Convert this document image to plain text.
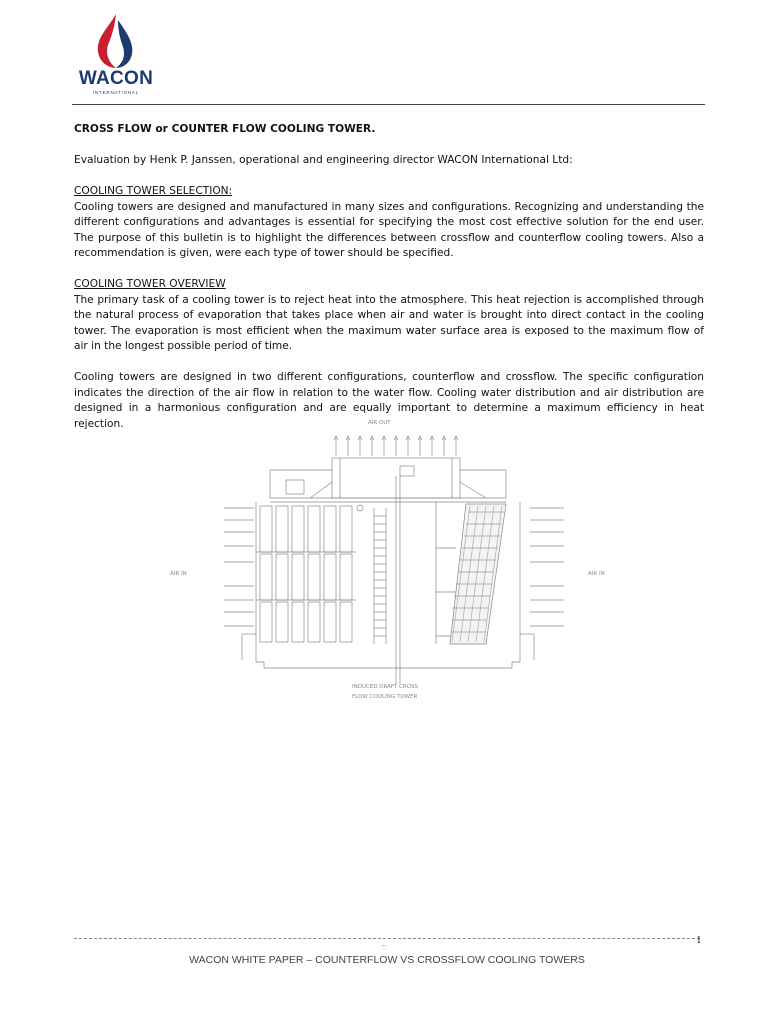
WACON
INTERNATIONAL

CROSS FLOW or COUNTER FLOW COOLING TOWER.

Evaluation by Henk P. Janssen, operational and engineering director WACON International Ltd:

COOLING TOWER SELECTION:

Cooling towers are designed and manufactured in many sizes and configurations. Recognizing and understanding the different configurations and advantages is essential for specifying the most cost effective solution for the end user. The purpose of this bulletin is to highlight the differences between crossflow and counterflow cooling towers. Also a recommendation is given, were each type of tower should be specified.

COOLING TOWER OVERVIEW

The primary task of a cooling tower is to reject heat into the atmosphere. This heat rejection is accomplished through the natural process of evaporation that takes place when air and water is brought into direct contact in the cooling tower. The evaporation is most efficient when the maximum water surface area is exposed to the maximum flow of air in the longest possible period of time.

Cooling towers are designed in two different configurations, counterflow and crossflow. The specific configuration indicates the direction of the air flow in relation to the water flow. Cooling water distribution and air distribution are designed in a harmonious configuration and are equally important to determine a maximum efficiency in heat rejection.	AIR OUT
AIR IN	AIR IN
INDUCED DRAFT CROSS
FLOW COOLING TOWER
--
1
WACON WHITE PAPER – COUNTERFLOW VS CROSSFLOW COOLING TOWERS
